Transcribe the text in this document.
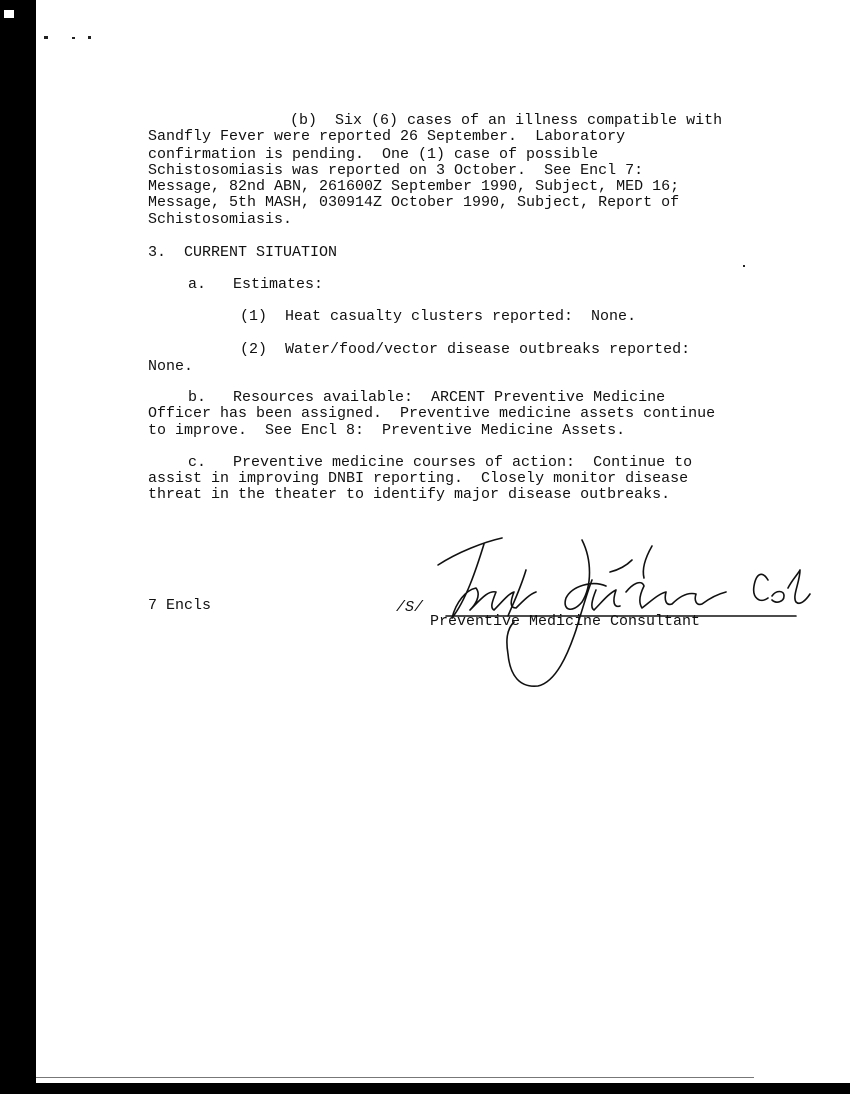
(b)  Six (6) cases of an illness compatible with

Sandfly Fever were reported 26 September.  Laboratory

confirmation is pending.  One (1) case of possible

Schistosomiasis was reported on 3 October.  See Encl 7:

Message, 82nd ABN, 261600Z September 1990, Subject, MED 16;

Message, 5th MASH, 030914Z October 1990, Subject, Report of

Schistosomiasis.

3.  CURRENT SITUATION

a.   Estimates:

(1)  Heat casualty clusters reported:  None.

(2)  Water/food/vector disease outbreaks reported:

None.

b.   Resources available:  ARCENT Preventive Medicine

Officer has been assigned.  Preventive medicine assets continue

to improve.  See Encl 8:  Preventive Medicine Assets.

c.   Preventive medicine courses of action:  Continue to

assist in improving DNBI reporting.  Closely monitor disease

threat in the theater to identify major disease outbreaks.

7 Encls	/S/

Preventive Medicine Consultant
